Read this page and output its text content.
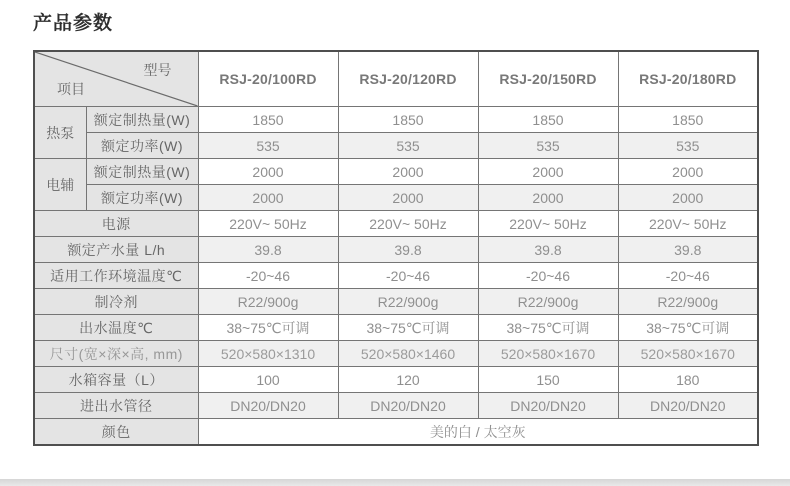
产品参数
型号
项目		RSJ-20/100RD	RSJ-20/120RD	RSJ-20/150RD	RSJ-20/180RD
热泵	额定制热量(W)	1850	1850	1850	1850
	额定功率(W)	535	535	535	535
电辅	额定制热量(W)	2000	2000	2000	2000
	额定功率(W)	2000	2000	2000	2000
电源		220V~ 50Hz	220V~ 50Hz	220V~ 50Hz	220V~ 50Hz
额定产水量 L/h		39.8	39.8	39.8	39.8
适用工作环境温度℃		-20~46	-20~46	-20~46	-20~46
制冷剂		R22/900g	R22/900g	R22/900g	R22/900g
出水温度℃		38~75℃可调	38~75℃可调	38~75℃可调	38~75℃可调
尺寸(宽×深×高, mm)		520×580×1310	520×580×1460	520×580×1670	520×580×1670
水箱容量（L）		100	120	150	180
进出水管径		DN20/DN20	DN20/DN20	DN20/DN20	DN20/DN20
颜色		美的白 / 太空灰			
